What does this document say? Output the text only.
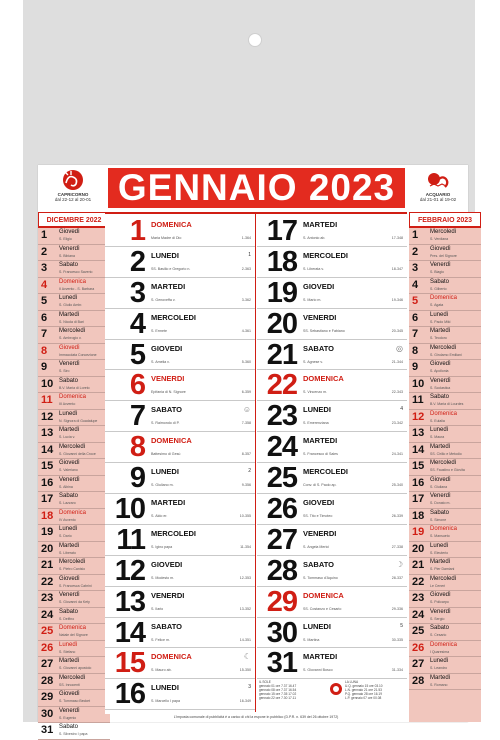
CAPRICORNO
dal 22-12 al 20-01
ACQUARIO
dal 21-01 al 19-02
GENNAIO 2023
DICEMBRE 2022
1 Giovedì
S. Eligio
2 Venerdì
S. Bibiana
3 Sabato
S. Francesco Saverio
4 Domenica
II Avvento - S. Barbara
5 Lunedì
S. Giulio Ambr.
6 Martedì
S. Nicola di Bari
7 Mercoledì
S. Ambrogio v.
8 Giovedì
Immacolata Concezione
9 Venerdì
S. Siro
10 Sabato
B.V. Maria di Loreto
11 Domenica
III Avvento
12 Lunedì
N. Signora di Guadalupe
13 Martedì
S. Lucia v.
14 Mercoledì
S. Giovanni della Croce
15 Giovedì
S. Valeriano
16 Venerdì
S. Albina
17 Sabato
S. Lazzaro
18 Domenica
IV Avvento
19 Lunedì
S. Dario
20 Martedì
S. Liberato
21 Mercoledì
S. Pietro Canisio
22 Giovedì
S. Francesca Cabrini
23 Venerdì
S. Giovanni da Kety
24 Sabato
S. Delfino
25 Domenica
Natale del Signore
26 Lunedì
S. Stefano
27 Martedì
S. Giovanni apostolo
28 Mercoledì
SS. Innocenti
29 Giovedì
S. Tommaso Becket
30 Venerdì
S. Eugenio
31 Sabato
S. Silvestro I papa
FEBBRAIO 2023
1 Mercoledì
S. Verdiana
2 Giovedì
Pres. del Signore
3 Venerdì
S. Biagio
4 Sabato
S. Gilberto
5 Domenica
S. Agata
6 Lunedì
S. Paolo Miki
7 Martedì
S. Teodoro
8 Mercoledì
S. Girolamo Emiliani
9 Giovedì
S. Apollonia
10 Venerdì
S. Scolastica
11 Sabato
B.V. Maria di Lourdes
12 Domenica
S. Eulalia
13 Lunedì
S. Maura
14 Martedì
SS. Cirillo e Metodio
15 Mercoledì
SS. Faustino e Giovita
16 Giovedì
S. Giuliana
17 Venerdì
S. Donato m.
18 Sabato
S. Simone
19 Domenica
S. Mansueto
20 Lunedì
S. Eleuterio
21 Martedì
S. Pier Damiani
22 Mercoledì
Le Ceneri
23 Giovedì
S. Policarpo
24 Venerdì
S. Sergio
25 Sabato
S. Cesario
26 Domenica
I Quaresima
27 Lunedì
S. Leandro
28 Martedì
S. Romano
1 DOMENICA
Maria Madre di Dio	1-364
2 LUNEDI
SS. Basilio e Gregorio n.	2-363
1
3 MARTEDI
S. Genoveffa v.	3-362
4 MERCOLEDI
S. Ermete	4-361
5 GIOVEDI
S. Amelia v.	5-360
6 VENERDI
Epifania di N. Signore	6-359
7 SABATO
S. Raimondo di P.	7-358
☺
8 DOMENICA
Battesimo di Gesù	8-357
9 LUNEDI
S. Giuliano m.	9-356
2
10 MARTEDI
S. Aldo er.	10-355
11 MERCOLEDI
S. Igino papa	11-354
12 GIOVEDI
S. Modesto m.	12-353
13 VENERDI
S. Ilario	13-352
14 SABATO
S. Felice m.	14-351
15 DOMENICA
S. Mauro ab.	15-350
☾
16 LUNEDI
S. Marcello I papa	16-349
3
17 MARTEDI
S. Antonio ab.	17-348
18 MERCOLEDI
S. Liberata v.	18-347
19 GIOVEDI
S. Mario m.	19-346
20 VENERDI
SS. Sebastiano e Fabiano	20-345
21 SABATO
S. Agnese v.	21-344
◎
22 DOMENICA
S. Vincenzo m.	22-343
23 LUNEDI
S. Emerenziana	23-342
4
24 MARTEDI
S. Francesco di Sales	24-341
25 MERCOLEDI
Conv. di S. Paolo ap.	25-340
26 GIOVEDI
SS. Tito e Timoteo	26-339
27 VENERDI
S. Angela Merici	27-338
28 SABATO
S. Tommaso d'Aquino	28-337
☽
29 DOMENICA
SS. Costanzo e Cesario	29-336
30 LUNEDI
S. Martina	30-335
5
31 MARTEDI
S. Giovanni Bosco	31-334
IL SOLE
gennaio 01 ore 7.37 16.47
gennaio 08 ore 7.37 16.54
gennaio 15 ore 7.35 17.02
gennaio 22 ore 7.30 17.11
LA LUNA
U.Q. gennaio 15 ore 03.10
L.N. gennaio 21 ore 21.53
P.Q. gennaio 28 ore 16.19
L.P. gennaio 07 ore 00.08
L'imposta comunale di pubblicità è a carico di chi la espone in pubblico (D.P.R. n. 639 del 26 ottobre 1972)
